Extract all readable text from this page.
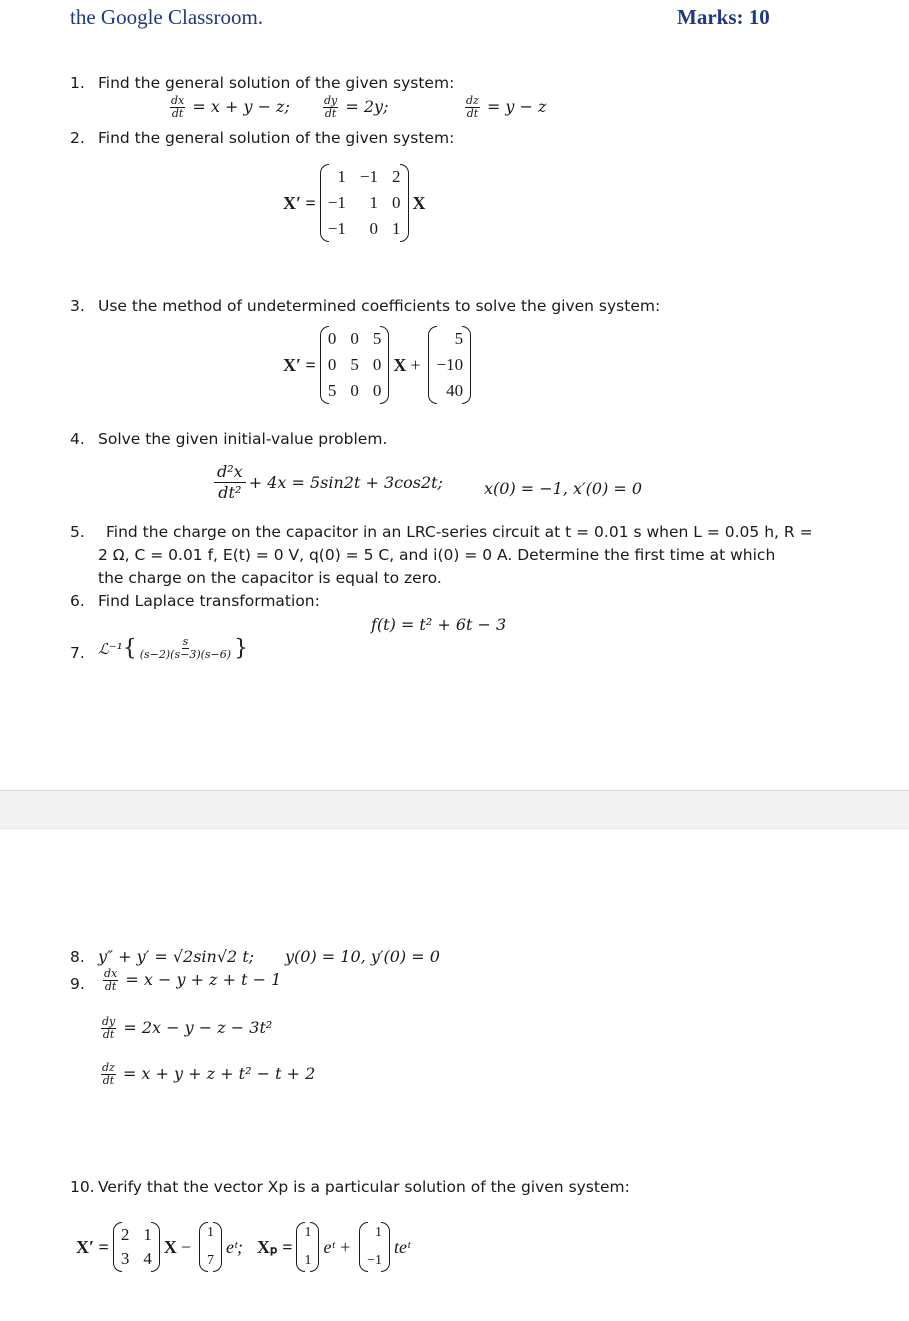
the Google Classroom.	Marks: 10
1. Find the general solution of the given system:
$\frac{dx}{dt} = x + y - z$;	$\frac{dy}{dt} = 2y$;	$\frac{dz}{dt} = y - z$
2. Find the general solution of the given system:
X′ =
1 −1 2
−1	1 0
−1	0 1
X
3. Use the method of undetermined coefficients to solve the given system:
X′ =
0 0 5
0 5 0
5 0 0
X +
5
−10
40
4. Solve the given initial-value problem.
d²x
dt²
+ 4x = 5sin2t + 3cos2t;	x(0) = −1, x′(0) = 0
5. Find the charge on the capacitor in an LRC-series circuit at t = 0.01 s when L = 0.05 h, R =
2 Ω, C = 0.01 f, E(t) = 0 V, q(0) = 5 C, and i(0) = 0 A. Determine the first time at which
the charge on the capacitor is equal to zero.
6. Find Laplace transformation:
f(t) = t² + 6t − 3
7. ℒ⁻¹ { $\frac{s}{(s-2)(s-3)(s-6)}$ }
8. y″ + y′ = √2sin√2 t; y(0) = 10, y′(0) = 0
9. $\frac{dx}{dt} = x - y + z + t - 1$
$\frac{dy}{dt} = 2x - y - z - 3t^2$
$\frac{dz}{dt} = x + y + z + t^2 - t + 2$
10. Verify that the vector Xp is a particular solution of the given system:
X′ =
2 1
3 4
X −
1
7
eᵗ; Xₚ =
1
1
eᵗ +
1
−1
teᵗ
